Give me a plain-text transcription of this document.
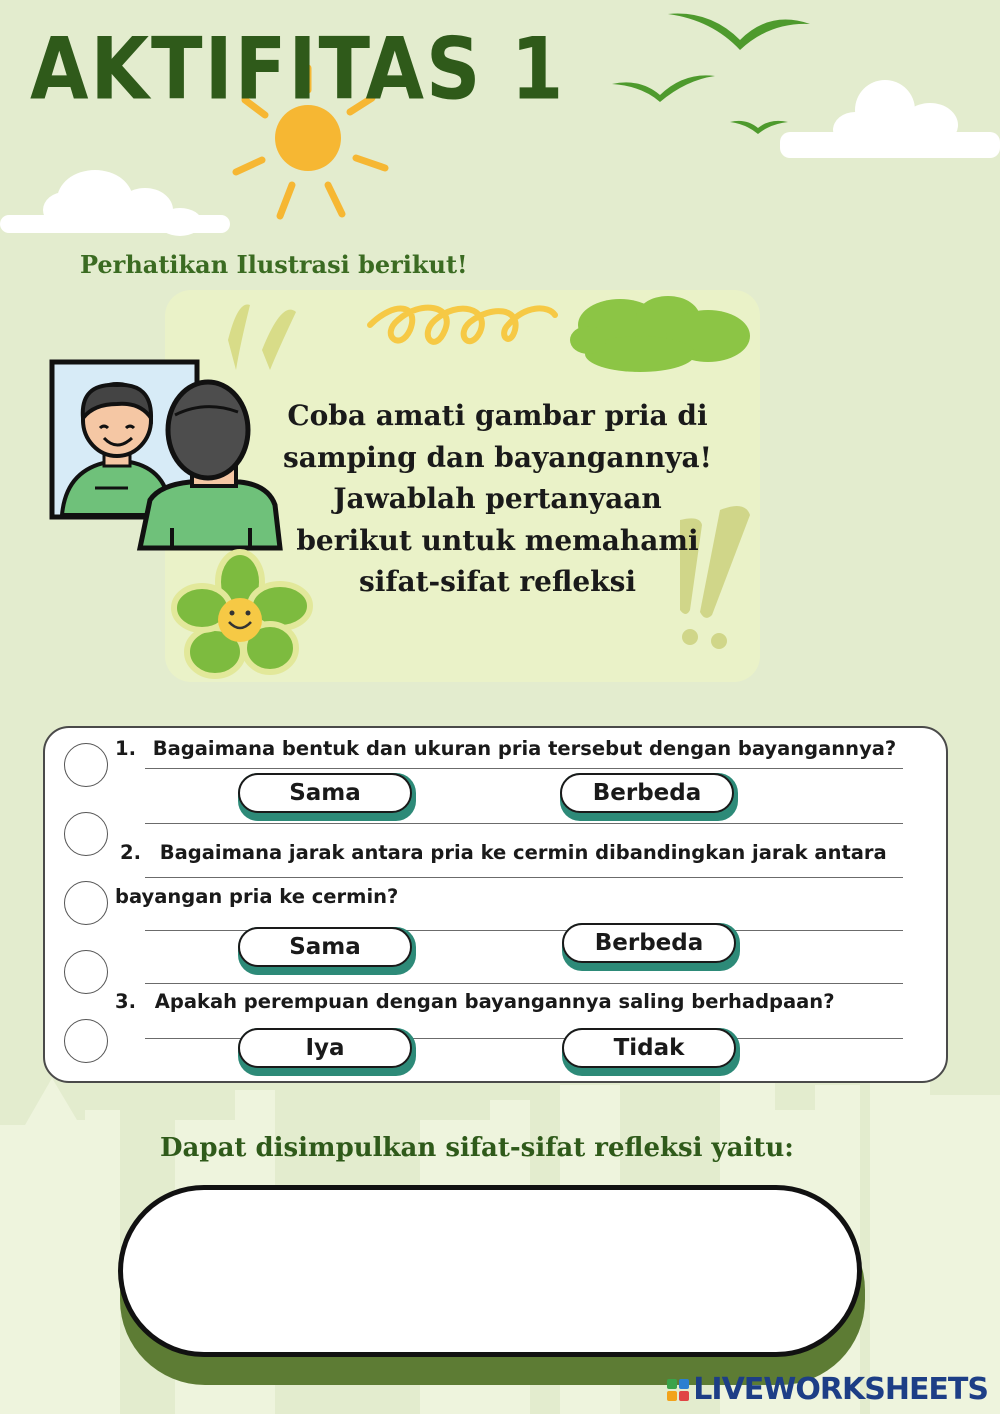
AKTIFITAS 1
Perhatikan Ilustrasi berikut!
Coba amati gambar pria di
samping dan bayangannya!
Jawablah pertanyaan
berikut untuk memahami
sifat-sifat refleksi
1. Bagaimana bentuk dan ukuran pria tersebut dengan bayangannya?
Sama	Berbeda
2. Bagaimana jarak antara pria ke cermin dibandingkan jarak antara
bayangan pria ke cermin?
Sama	Berbeda
3. Apakah perempuan dengan bayangannya saling berhadpaan?
Iya	Tidak
Dapat disimpulkan sifat-sifat refleksi yaitu:
LIVEWORKSHEETS
